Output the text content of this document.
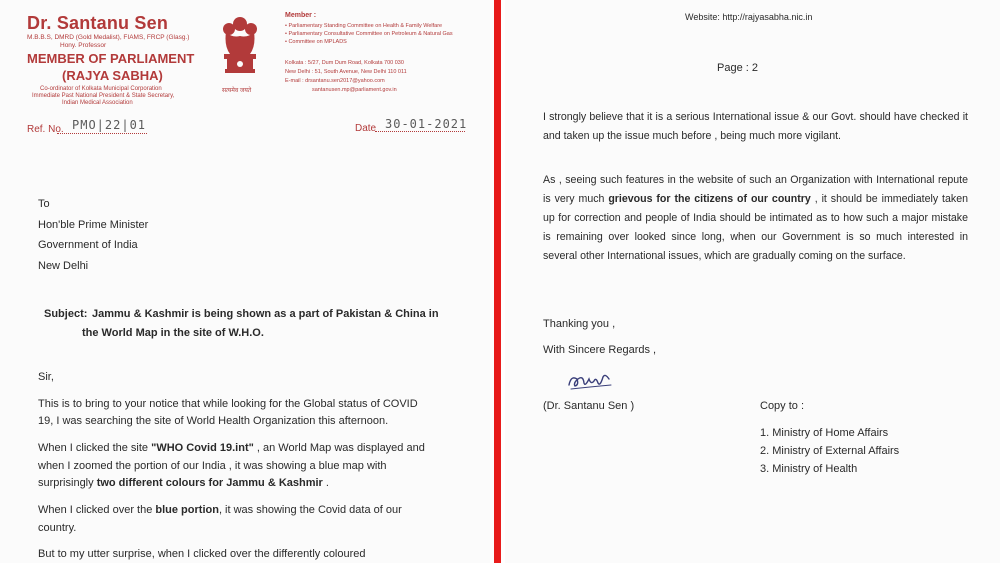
Dr. Santanu Sen
M.B.B.S, DMRD (Gold Medalist), FIAMS, FRCP (Glasg.)
Hony. Professor
MEMBER OF PARLIAMENT
(RAJYA SABHA)
Co-ordinator of Kolkata Municipal Corporation
Immediate Past National President & State Secretary,
Indian Medical Association
सत्यमेव जयते
Member :
• Parliamentary Standing Committee on Health & Family Welfare
• Parliamentary Consultative Committee on Petroleum & Natural Gas
• Committee on MPLADS
Kolkata : 5/27, Dum Dum Road, Kolkata 700 030
New Delhi : 51, South Avenue, New Delhi 110 011
E-mail : drsantanu.sen2017@yahoo.com
santanusen.mp@parliament.gov.in
Ref. No. PMO|22|01	Date 30-01-2021
To
Hon'ble Prime Minister
Government of India
New Delhi
Subject: Jammu & Kashmir is being shown as a part of Pakistan & China in
the World Map in the site of W.H.O.
Sir,
This is to bring to your notice that while looking for the Global status of COVID
19, I was searching the site of World Health Organization this afternoon.
When I clicked the site "WHO Covid 19.int" , an World Map was displayed and
when I zoomed the portion of our India , it was showing a blue map with
surprisingly two different colours for Jammu & Kashmir .
When I clicked over the blue portion, it was showing the Covid data of our
country.
But to my utter surprise, when I clicked over the differently coloured
Website: http://rajyasabha.nic.in
Page : 2
I strongly believe that it is a serious International issue & our Govt. should have checked it and taken up the issue much before , being much more vigilant.
As , seeing such features in the website of such an Organization with International repute is very much grievous for the citizens of our country , it should be immediately taken up for correction and people of India should be intimated as to how such a major mistake is remaining over looked since long, when our Government is so much interested in several other International issues, which are gradually coming on the surface.
Thanking you ,
With Sincere Regards ,
(Dr. Santanu Sen )	Copy to :
1. Ministry of Home Affairs
2. Ministry of External Affairs
3. Ministry of Health
